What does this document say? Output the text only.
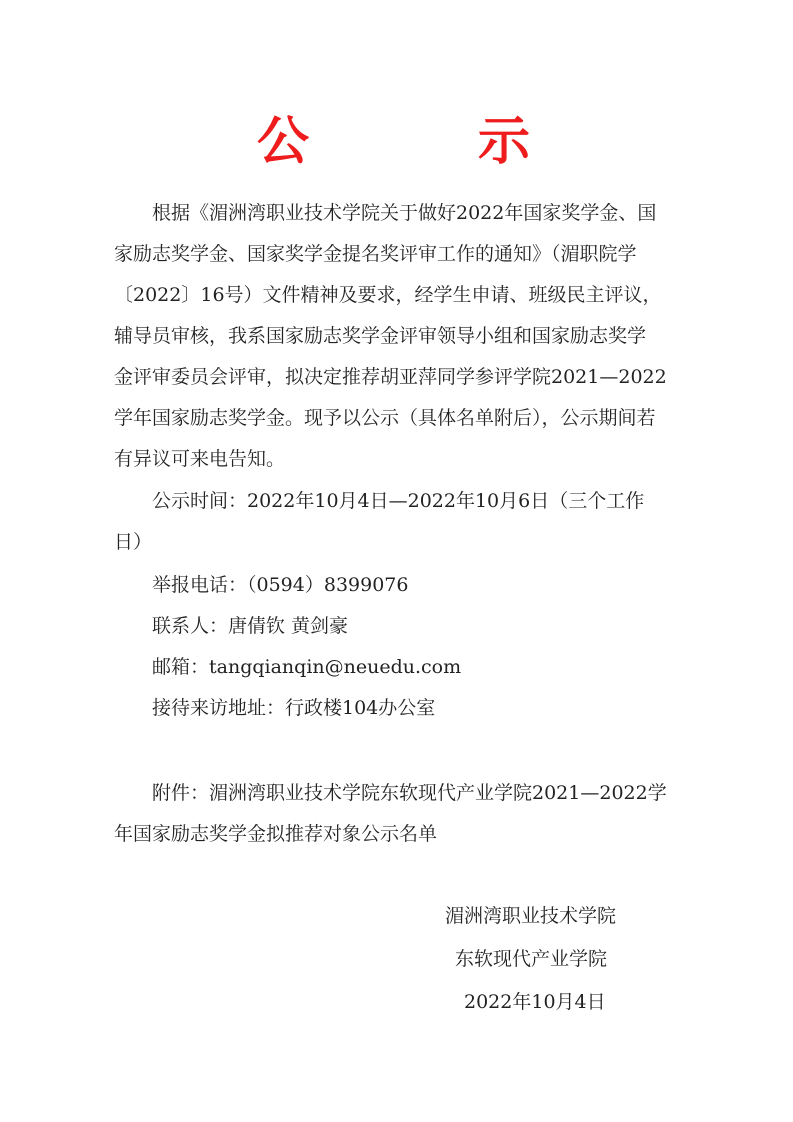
公	示
根据《湄洲湾职业技术学院关于做好2022年国家奖学金、国
家励志奖学金、国家奖学金提名奖评审工作的通知》（湄职院学
〔2022〕16号）文件精神及要求，经学生申请、班级民主评议，
辅导员审核，我系国家励志奖学金评审领导小组和国家励志奖学
金评审委员会评审，拟决定推荐胡亚萍同学参评学院2021—2022
学年国家励志奖学金。现予以公示（具体名单附后），公示期间若
有异议可来电告知。
公示时间：2022年10月4日—2022年10月6日（三个工作
日）
举报电话：（0594）8399076
联系人：唐倩钦 黄剑豪
邮箱：tangqianqin@neuedu.com
接待来访地址：行政楼104办公室
附件：湄洲湾职业技术学院东软现代产业学院2021—2022学
年国家励志奖学金拟推荐对象公示名单
湄洲湾职业技术学院
东软现代产业学院
2022年10月4日
